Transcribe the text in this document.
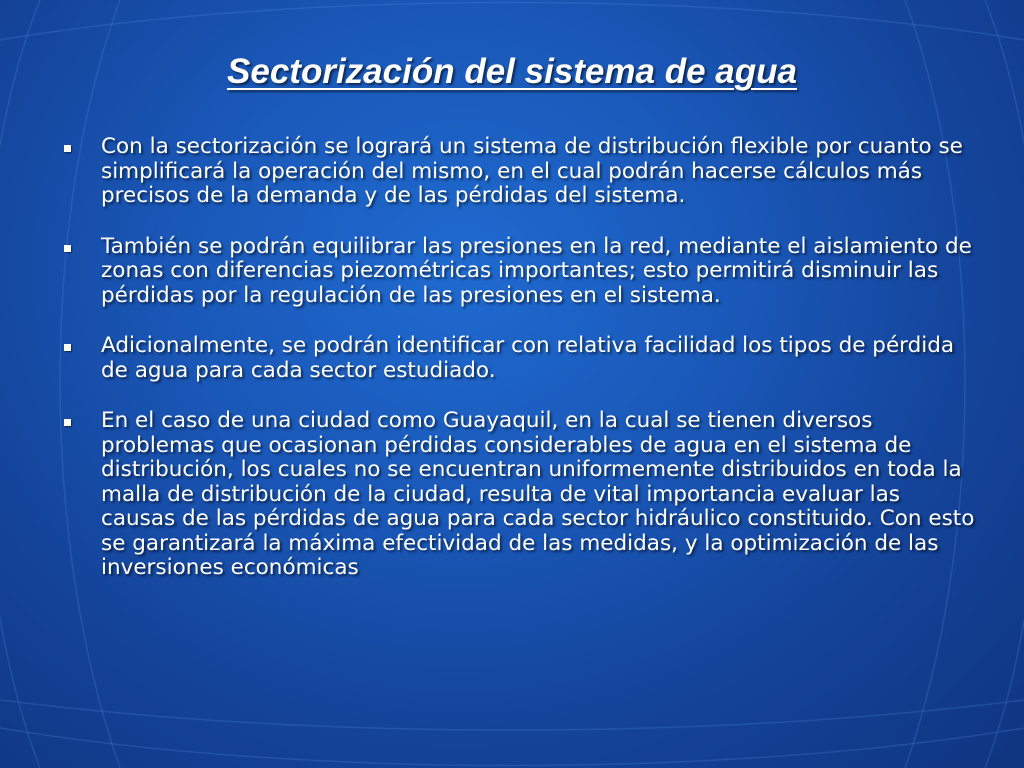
Sectorización del sistema de agua
Con la sectorización se logrará un sistema de distribución flexible por cuanto se simplificará la operación del mismo, en el cual podrán hacerse cálculos más precisos de la demanda y de las pérdidas del sistema.
También se podrán equilibrar las presiones en la red, mediante el aislamiento de zonas con diferencias piezométricas importantes; esto permitirá disminuir las pérdidas por la regulación de las presiones en el sistema.
Adicionalmente, se podrán identificar con relativa facilidad los tipos de pérdida de agua para cada sector estudiado.
En el caso de una ciudad como Guayaquil, en la cual se tienen diversos problemas que ocasionan pérdidas considerables de agua en el sistema de distribución, los cuales no se encuentran uniformemente distribuidos en toda la malla de distribución de la ciudad, resulta de vital importancia evaluar las causas de las pérdidas de agua para cada sector hidráulico constituido. Con esto se garantizará la máxima efectividad de las medidas, y la optimización de las inversiones económicas
